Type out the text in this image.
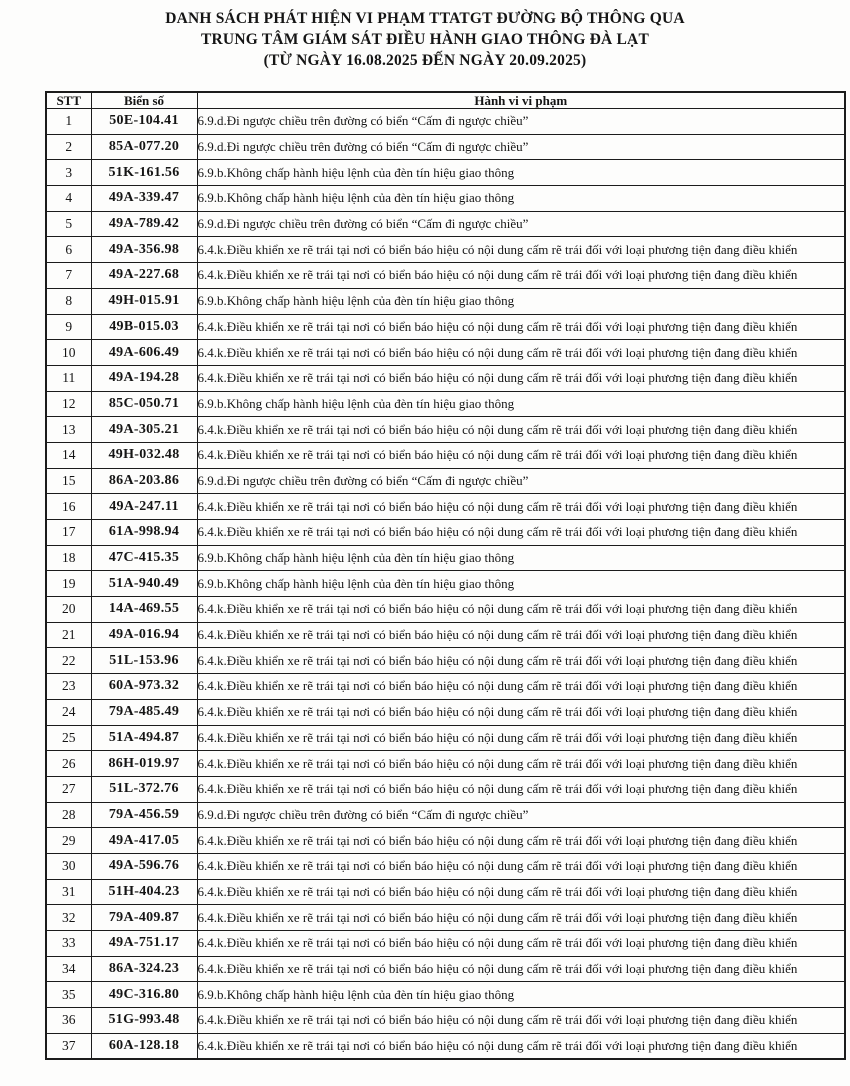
DANH SÁCH PHÁT HIỆN VI PHẠM TTATGT ĐƯỜNG BỘ THÔNG QUA
TRUNG TÂM GIÁM SÁT ĐIỀU HÀNH GIAO THÔNG ĐÀ LẠT
(TỪ NGÀY 16.08.2025 ĐẾN NGÀY 20.09.2025)
STT	Biển số	Hành vi vi phạm
1	50E-104.41	6.9.d.Đi ngược chiều trên đường có biển “Cấm đi ngược chiều”
2	85A-077.20	6.9.d.Đi ngược chiều trên đường có biển “Cấm đi ngược chiều”
3	51K-161.56	6.9.b.Không chấp hành hiệu lệnh của đèn tín hiệu giao thông
4	49A-339.47	6.9.b.Không chấp hành hiệu lệnh của đèn tín hiệu giao thông
5	49A-789.42	6.9.d.Đi ngược chiều trên đường có biển “Cấm đi ngược chiều”
6	49A-356.98	6.4.k.Điều khiển xe rẽ trái tại nơi có biển báo hiệu có nội dung cấm rẽ trái đối với loại phương tiện đang điều khiển
7	49A-227.68	6.4.k.Điều khiển xe rẽ trái tại nơi có biển báo hiệu có nội dung cấm rẽ trái đối với loại phương tiện đang điều khiển
8	49H-015.91	6.9.b.Không chấp hành hiệu lệnh của đèn tín hiệu giao thông
9	49B-015.03	6.4.k.Điều khiển xe rẽ trái tại nơi có biển báo hiệu có nội dung cấm rẽ trái đối với loại phương tiện đang điều khiển
10	49A-606.49	6.4.k.Điều khiển xe rẽ trái tại nơi có biển báo hiệu có nội dung cấm rẽ trái đối với loại phương tiện đang điều khiển
11	49A-194.28	6.4.k.Điều khiển xe rẽ trái tại nơi có biển báo hiệu có nội dung cấm rẽ trái đối với loại phương tiện đang điều khiển
12	85C-050.71	6.9.b.Không chấp hành hiệu lệnh của đèn tín hiệu giao thông
13	49A-305.21	6.4.k.Điều khiển xe rẽ trái tại nơi có biển báo hiệu có nội dung cấm rẽ trái đối với loại phương tiện đang điều khiển
14	49H-032.48	6.4.k.Điều khiển xe rẽ trái tại nơi có biển báo hiệu có nội dung cấm rẽ trái đối với loại phương tiện đang điều khiển
15	86A-203.86	6.9.d.Đi ngược chiều trên đường có biển “Cấm đi ngược chiều”
16	49A-247.11	6.4.k.Điều khiển xe rẽ trái tại nơi có biển báo hiệu có nội dung cấm rẽ trái đối với loại phương tiện đang điều khiển
17	61A-998.94	6.4.k.Điều khiển xe rẽ trái tại nơi có biển báo hiệu có nội dung cấm rẽ trái đối với loại phương tiện đang điều khiển
18	47C-415.35	6.9.b.Không chấp hành hiệu lệnh của đèn tín hiệu giao thông
19	51A-940.49	6.9.b.Không chấp hành hiệu lệnh của đèn tín hiệu giao thông
20	14A-469.55	6.4.k.Điều khiển xe rẽ trái tại nơi có biển báo hiệu có nội dung cấm rẽ trái đối với loại phương tiện đang điều khiển
21	49A-016.94	6.4.k.Điều khiển xe rẽ trái tại nơi có biển báo hiệu có nội dung cấm rẽ trái đối với loại phương tiện đang điều khiển
22	51L-153.96	6.4.k.Điều khiển xe rẽ trái tại nơi có biển báo hiệu có nội dung cấm rẽ trái đối với loại phương tiện đang điều khiển
23	60A-973.32	6.4.k.Điều khiển xe rẽ trái tại nơi có biển báo hiệu có nội dung cấm rẽ trái đối với loại phương tiện đang điều khiển
24	79A-485.49	6.4.k.Điều khiển xe rẽ trái tại nơi có biển báo hiệu có nội dung cấm rẽ trái đối với loại phương tiện đang điều khiển
25	51A-494.87	6.4.k.Điều khiển xe rẽ trái tại nơi có biển báo hiệu có nội dung cấm rẽ trái đối với loại phương tiện đang điều khiển
26	86H-019.97	6.4.k.Điều khiển xe rẽ trái tại nơi có biển báo hiệu có nội dung cấm rẽ trái đối với loại phương tiện đang điều khiển
27	51L-372.76	6.4.k.Điều khiển xe rẽ trái tại nơi có biển báo hiệu có nội dung cấm rẽ trái đối với loại phương tiện đang điều khiển
28	79A-456.59	6.9.d.Đi ngược chiều trên đường có biển “Cấm đi ngược chiều”
29	49A-417.05	6.4.k.Điều khiển xe rẽ trái tại nơi có biển báo hiệu có nội dung cấm rẽ trái đối với loại phương tiện đang điều khiển
30	49A-596.76	6.4.k.Điều khiển xe rẽ trái tại nơi có biển báo hiệu có nội dung cấm rẽ trái đối với loại phương tiện đang điều khiển
31	51H-404.23	6.4.k.Điều khiển xe rẽ trái tại nơi có biển báo hiệu có nội dung cấm rẽ trái đối với loại phương tiện đang điều khiển
32	79A-409.87	6.4.k.Điều khiển xe rẽ trái tại nơi có biển báo hiệu có nội dung cấm rẽ trái đối với loại phương tiện đang điều khiển
33	49A-751.17	6.4.k.Điều khiển xe rẽ trái tại nơi có biển báo hiệu có nội dung cấm rẽ trái đối với loại phương tiện đang điều khiển
34	86A-324.23	6.4.k.Điều khiển xe rẽ trái tại nơi có biển báo hiệu có nội dung cấm rẽ trái đối với loại phương tiện đang điều khiển
35	49C-316.80	6.9.b.Không chấp hành hiệu lệnh của đèn tín hiệu giao thông
36	51G-993.48	6.4.k.Điều khiển xe rẽ trái tại nơi có biển báo hiệu có nội dung cấm rẽ trái đối với loại phương tiện đang điều khiển
37	60A-128.18	6.4.k.Điều khiển xe rẽ trái tại nơi có biển báo hiệu có nội dung cấm rẽ trái đối với loại phương tiện đang điều khiển
